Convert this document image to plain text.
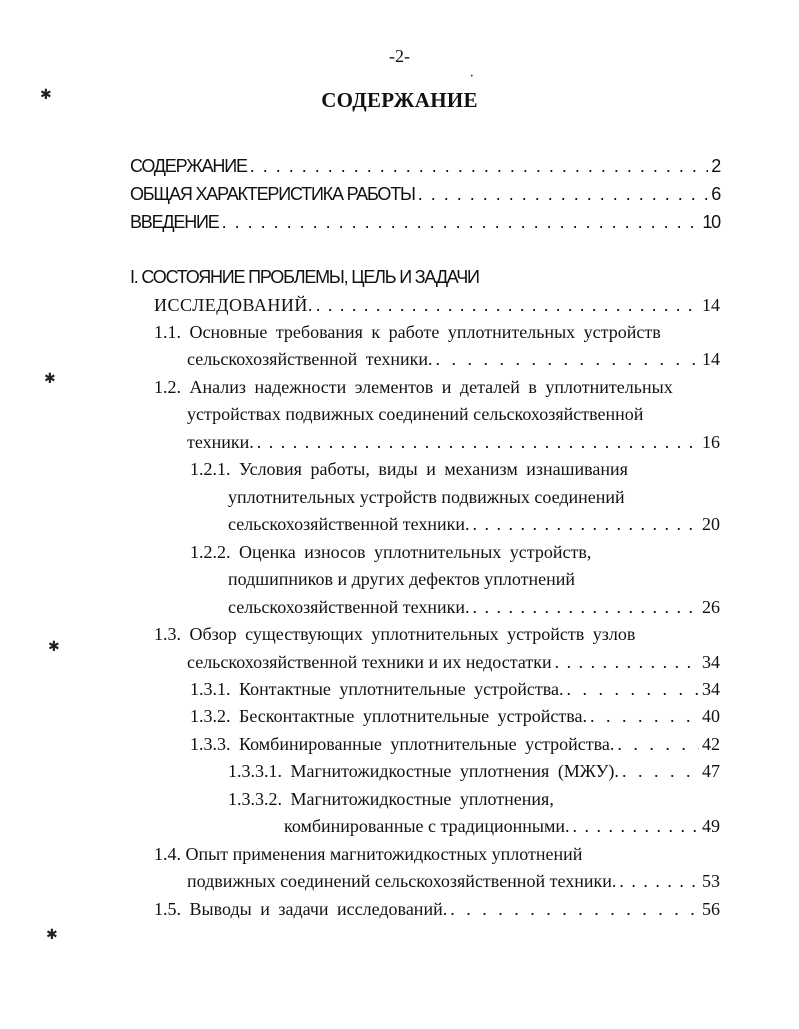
-2-
СОДЕРЖАНИЕ
СОДЕРЖАНИЕ . . .	2
ОБЩАЯ ХАРАКТЕРИСТИКА РАБОТЫ . . .	6
ВВЕДЕНИЕ . . .	10
I. СОСТОЯНИЕ ПРОБЛЕМЫ, ЦЕЛЬ И ЗАДАЧИ
ИССЛЕДОВАНИЙ. . . .	14
1.1. Основные требования к работе уплотнительных устройств
сельскохозяйственной техники. . . .	14
1.2. Анализ надежности элементов и деталей в уплотнительных
устройствах подвижных соединений сельскохозяйственной
техники. . . .	16
1.2.1. Условия работы, виды и механизм изнашивания
уплотнительных устройств подвижных соединений
сельскохозяйственной техники. . . .	20
1.2.2. Оценка износов уплотнительных устройств,
подшипников и других дефектов уплотнений
сельскохозяйственной техники. . . .	26
1.3. Обзор существующих уплотнительных устройств узлов
сельскохозяйственной техники и их недостатки . . .	34
1.3.1. Контактные уплотнительные устройства. . . .	34
1.3.2. Бесконтактные уплотнительные устройства. . . .	40
1.3.3. Комбинированные уплотнительные устройства. . . .	42
1.3.3.1. Магнитожидкостные уплотнения (МЖУ). . . .	47
1.3.3.2. Магнитожидкостные уплотнения,
комбинированные с традиционными. . . .	49
1.4. Опыт применения магнитожидкостных уплотнений
подвижных соединений сельскохозяйственной техники. . . .	53
1.5. Выводы и задачи исследований. . . .	56
✱
✱
✱
✱
•
